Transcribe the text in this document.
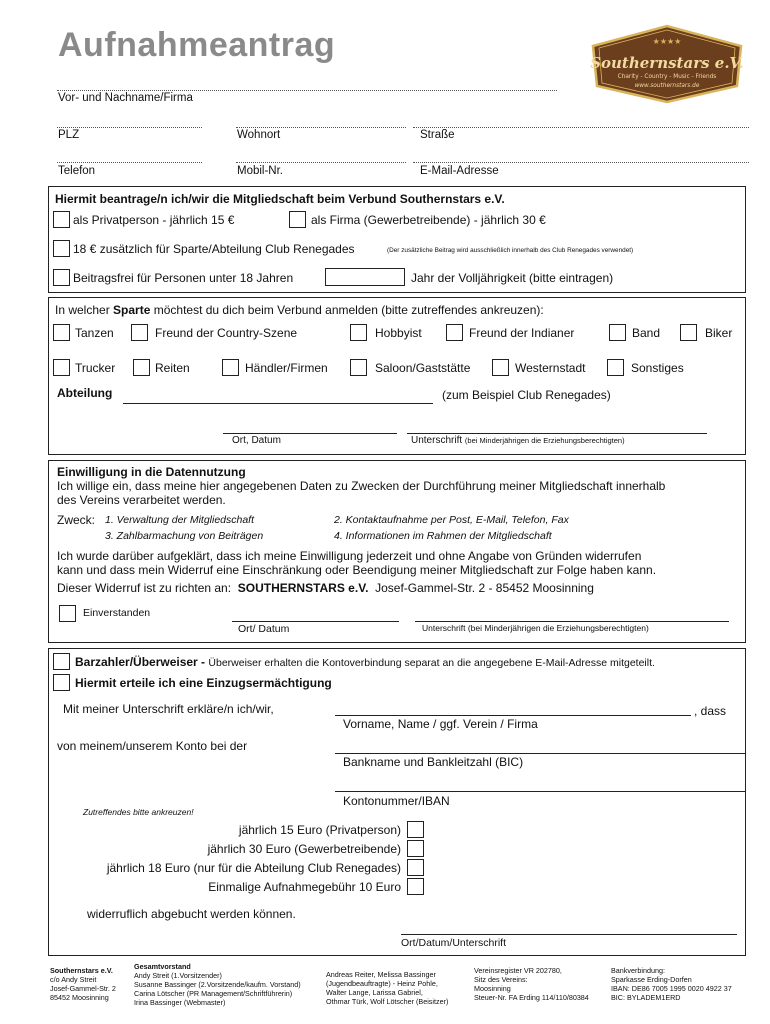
Aufnahmeantrag	★★★★
Southernstars e.V.
Charity - Country - Music - Friends
www.southernstars.de
Vor- und Nachname/Firma
PLZ	Wohnort	Straße
Telefon	Mobil-Nr.	E-Mail-Adresse
Hiermit beantrage/n ich/wir die Mitgliedschaft beim Verbund Southernstars e.V.
als Privatperson - jährlich 15 €	als Firma (Gewerbetreibende) - jährlich 30 €
18 € zusätzlich für Sparte/Abteilung Club Renegades	(Der zusätzliche Beitrag wird ausschließlich innerhalb des Club Renegades verwendet)
Beitragsfrei für Personen unter 18 Jahren	Jahr der Volljährigkeit (bitte eintragen)
In welcher Sparte möchtest du dich beim Verbund anmelden (bitte zutreffendes ankreuzen):
Tanzen	Freund der Country-Szene	Hobbyist	Freund der Indianer	Band	Biker
Trucker	Reiten	Händler/Firmen	Saloon/Gaststätte	Westernstadt	Sonstiges
Abteilung	(zum Beispiel Club Renegades)
Ort, Datum	Unterschrift (bei Minderjährigen die Erziehungsberechtigten)
Einwilligung in die Datennutzung
Ich willige ein, dass meine hier angegebenen Daten zu Zwecken der Durchführung meiner Mitgliedschaft innerhalb
des Vereins verarbeitet werden.
Zweck: 1. Verwaltung der Mitgliedschaft	2. Kontaktaufnahme per Post, E-Mail, Telefon, Fax
3. Zahlbarmachung von Beiträgen	4. Informationen im Rahmen der Mitgliedschaft
Ich wurde darüber aufgeklärt, dass ich meine Einwilligung jederzeit und ohne Angabe von Gründen widerrufen
kann und dass mein Widerruf eine Einschränkung oder Beendigung meiner Mitgliedschaft zur Folge haben kann.
Dieser Widerruf ist zu richten an: SOUTHERNSTARS e.V. Josef-Gammel-Str. 2 - 85452 Moosinning
Einverstanden
Ort/ Datum	Unterschrift (bei Minderjährigen die Erziehungsberechtigten)
Barzahler/Überweiser - Überweiser erhalten die Kontoverbindung separat an die angegebene E-Mail-Adresse mitgeteilt.
Hiermit erteile ich eine Einzugsermächtigung
Mit meiner Unterschrift erkläre/n ich/wir,	, dass
Vorname, Name / ggf. Verein / Firma
von meinem/unserem Konto bei der
Bankname und Bankleitzahl (BIC)
Kontonummer/IBAN
Zutreffendes bitte ankreuzen!
jährlich 15 Euro (Privatperson)
jährlich 30 Euro (Gewerbetreibende)
jährlich 18 Euro (nur für die Abteilung Club Renegades)
Einmalige Aufnahmegebühr 10 Euro
widerruflich abgebucht werden können.
Ort/Datum/Unterschrift
Southernstars e.V.
c/o Andy Streit
Josef-Gammel-Str. 2
85452 Moosinning
Gesamtvorstand
Andy Streit (1.Vorsitzender)
Susanne Bassinger (2.Vorsitzende/kaufm. Vorstand)
Carina Lötscher (PR Management/Schriftführerin)
Irina Bassinger (Webmaster)
Andreas Reiter, Melissa Bassinger
(Jugendbeauftragte) - Heinz Pohle,
Walter Lange, Larissa Gabriel,
Othmar Türk, Wolf Lötscher (Beisitzer)
Vereinsregister VR 202780,
Sitz des Vereins:
Moosinning
Steuer-Nr. FA Erding 114/110/80384
Bankverbindung:
Sparkasse Erding-Dorfen
IBAN: DE86 7005 1995 0020 4922 37
BIC: BYLADEM1ERD
